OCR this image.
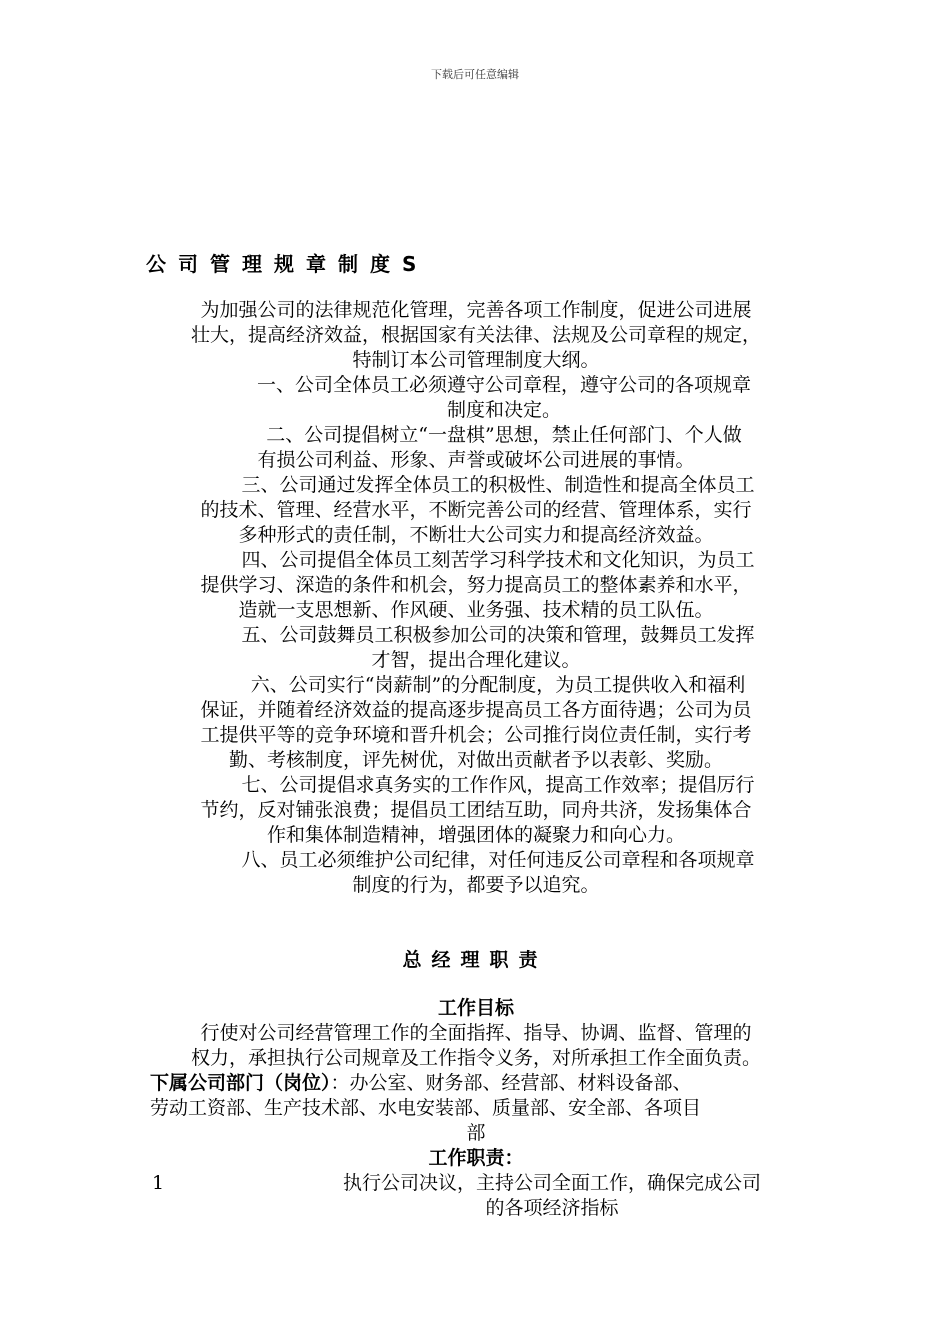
下载后可任意编辑
公司管理规章制度S

为加强公司的法律规范化管理，完善各项工作制度，促进公司进展

壮大，提高经济效益，根据国家有关法律、法规及公司章程的规定，

特制订本公司管理制度大纲。

一、公司全体员工必须遵守公司章程，遵守公司的各项规章

制度和决定。

二、公司提倡树立“一盘棋”思想，禁止任何部门、个人做

有损公司利益、形象、声誉或破坏公司进展的事情。

三、公司通过发挥全体员工的积极性、制造性和提高全体员工

的技术、管理、经营水平，不断完善公司的经营、管理体系，实行

多种形式的责任制，不断壮大公司实力和提高经济效益。

四、公司提倡全体员工刻苦学习科学技术和文化知识，为员工

提供学习、深造的条件和机会，努力提高员工的整体素养和水平，

造就一支思想新、作风硬、业务强、技术精的员工队伍。

五、公司鼓舞员工积极参加公司的决策和管理，鼓舞员工发挥

才智，提出合理化建议。

六、公司实行“岗薪制”的分配制度，为员工提供收入和福利

保证，并随着经济效益的提高逐步提高员工各方面待遇；公司为员

工提供平等的竞争环境和晋升机会；公司推行岗位责任制，实行考

勤、考核制度，评先树优，对做出贡献者予以表彰、奖励。

七、公司提倡求真务实的工作作风，提高工作效率；提倡厉行

节约，反对铺张浪费；提倡员工团结互助，同舟共济，发扬集体合

作和集体制造精神，增强团体的凝聚力和向心力。

八、员工必须维护公司纪律，对任何违反公司章程和各项规章

制度的行为，都要予以追究。

总经理职责

工作目标

行使对公司经营管理工作的全面指挥、指导、协调、监督、管理的

权力，承担执行公司规章及工作指令义务，对所承担工作全面负责。

下属公司部门（岗位）：办公室、财务部、经营部、材料设备部、

劳动工资部、生产技术部、水电安装部、质量部、安全部、各项目

部

工作职责：

1	执行公司决议，主持公司全面工作，确保完成公司
的各项经济指标
